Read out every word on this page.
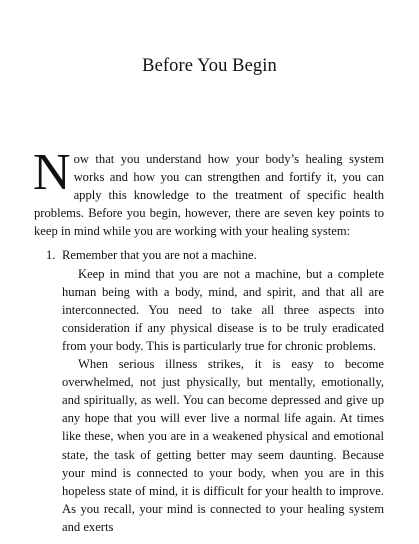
Before You Begin

Now that you understand how your body’s healing system works and how you can strengthen and fortify it, you can apply this knowledge to the treatment of specific health problems. Before you begin, however, there are seven key points to keep in mind while you are working with your healing system:

1. Remember that you are not a machine.

Keep in mind that you are not a machine, but a complete human being with a body, mind, and spirit, and that all are interconnected. You need to take all three aspects into consideration if any physical disease is to be truly eradicated from your body. This is particularly true for chronic problems.

When serious illness strikes, it is easy to become overwhelmed, not just physically, but mentally, emotionally, and spiritually, as well. You can become depressed and give up any hope that you will ever live a normal life again. At times like these, when you are in a weakened physical and emotional state, the task of getting better may seem daunting. Because your mind is connected to your body, when you are in this hopeless state of mind, it is difficult for your health to improve. As you recall, your mind is connected to your healing system and exerts
